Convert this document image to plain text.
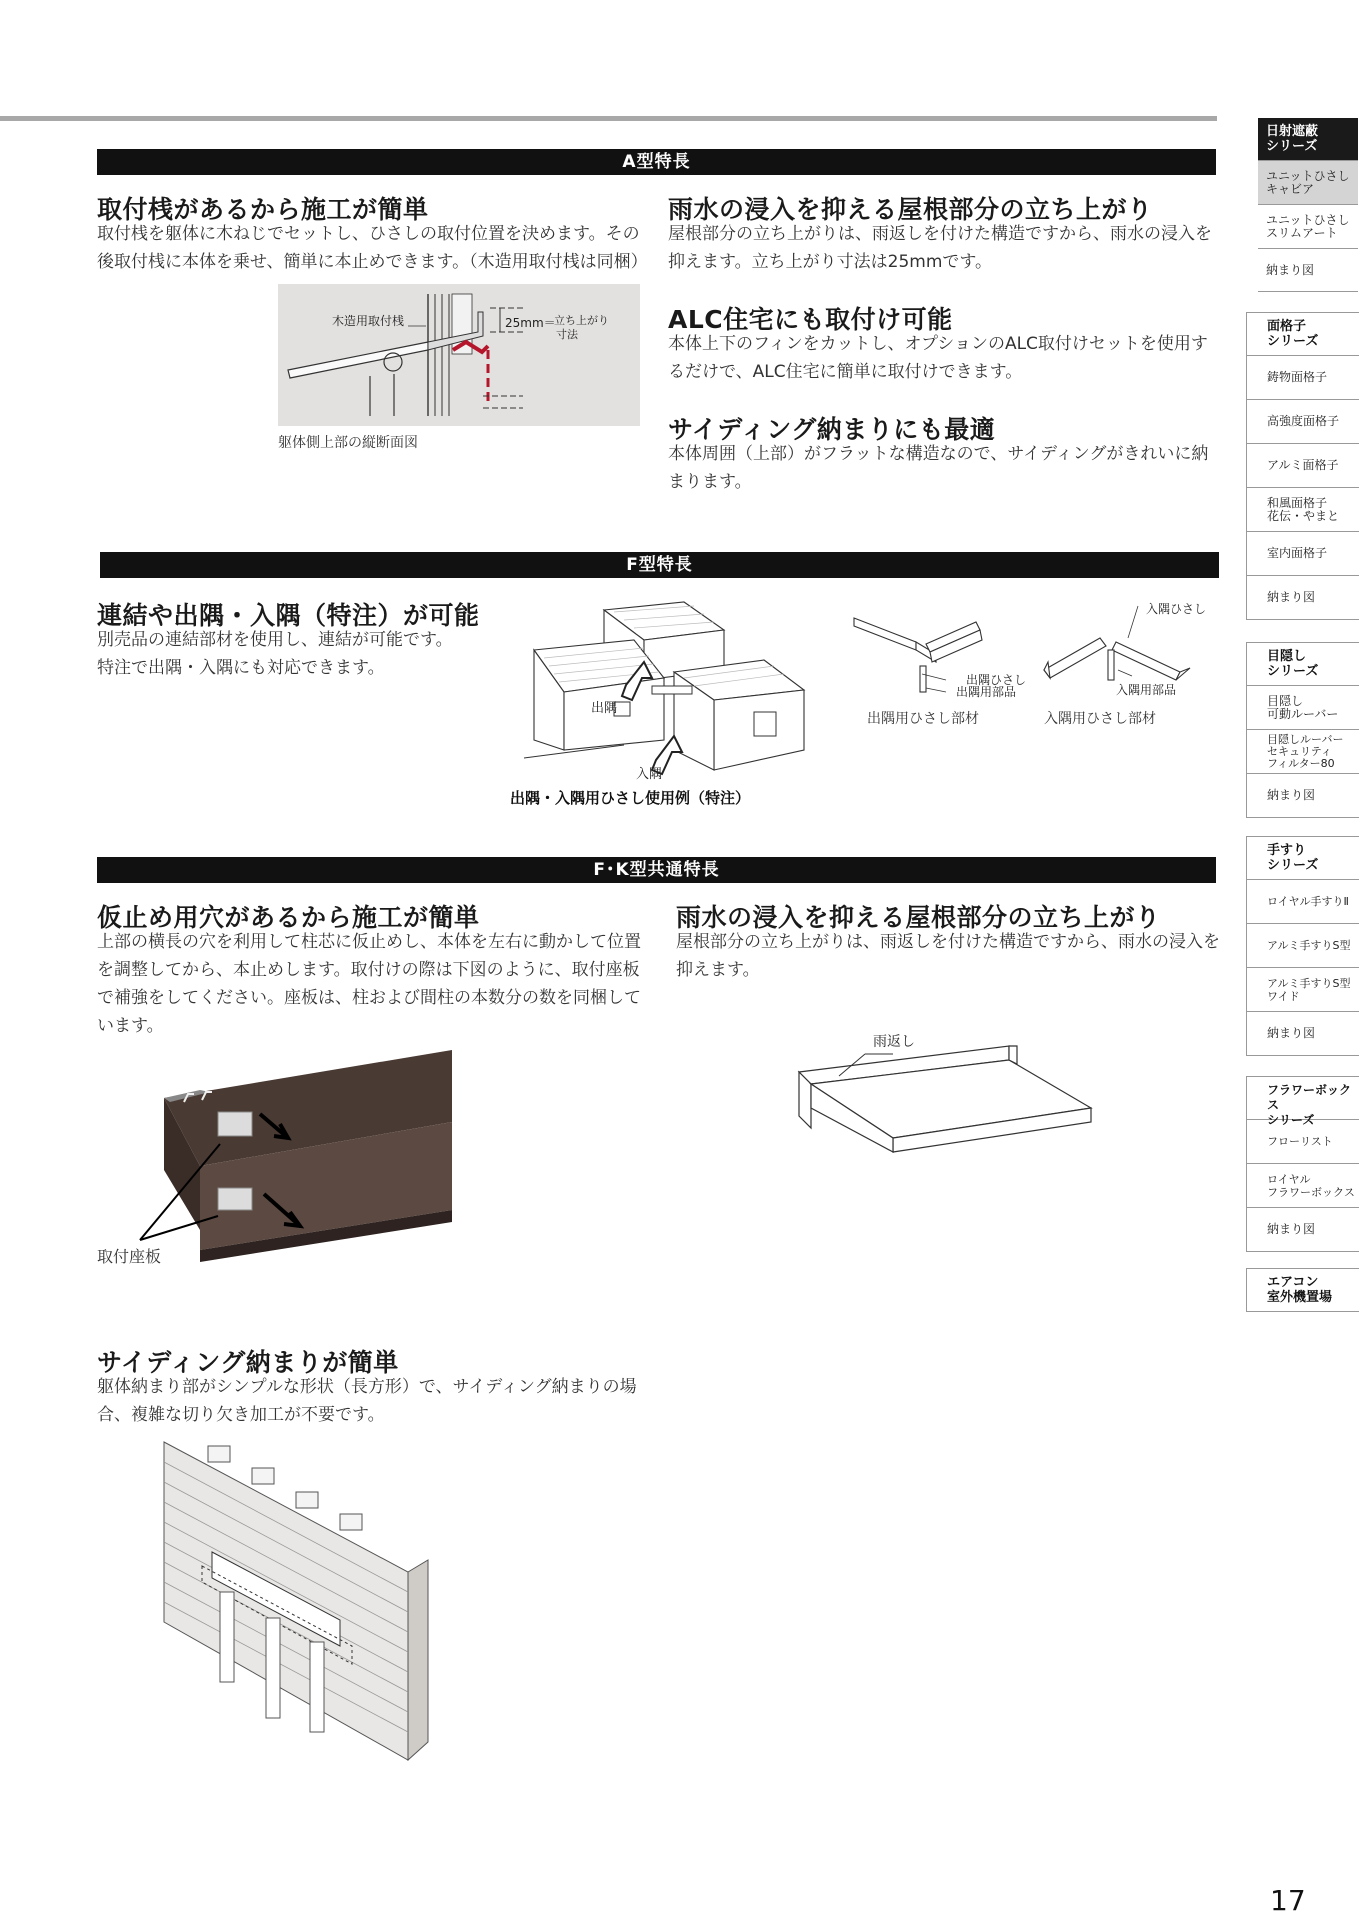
A型特長
取付桟があるから施工が簡単
取付桟を躯体に木ねじでセットし、ひさしの取付位置を決めます。その後取付桟に本体を乗せ、簡単に本止めできます。（木造用取付桟は同梱）
木造用取付桟	25mm＝
立ち上がり
寸法
躯体側上部の縦断面図
雨水の浸入を抑える屋根部分の立ち上がり
屋根部分の立ち上がりは、雨返しを付けた構造ですから、雨水の浸入を抑えます。立ち上がり寸法は25mmです。
ALC住宅にも取付け可能
本体上下のフィンをカットし、オプションのALC取付けセットを使用するだけで、ALC住宅に簡単に取付けできます。
サイディング納まりにも最適
本体周囲（上部）がフラットな構造なので、サイディングがきれいに納まります。
F型特長
連結や出隅・入隅（特注）が可能
別売品の連結部材を使用し、連結が可能です。
特注で出隅・入隅にも対応できます。
出隅
入隅
出隅・入隅用ひさし使用例（特注）
出隅ひさし
出隅用部品
出隅用ひさし部材
入隅ひさし
入隅用部品
入隅用ひさし部材
F･K型共通特長
仮止め用穴があるから施工が簡単
上部の横長の穴を利用して柱芯に仮止めし、本体を左右に動かして位置を調整してから、本止めします。取付けの際は下図のように、取付座板で補強をしてください。座板は、柱および間柱の本数分の数を同梱しています。
取付座板
雨水の浸入を抑える屋根部分の立ち上がり
屋根部分の立ち上がりは、雨返しを付けた構造ですから、雨水の浸入を抑えます。
雨返し
サイディング納まりが簡単
躯体納まり部がシンプルな形状（長方形）で、サイディング納まりの場合、複雑な切り欠き加工が不要です。
日射遮蔽
シリーズ
ユニットひさし
キャビア
ユニットひさし
スリムアート
納まり図
面格子
シリーズ
鋳物面格子
高強度面格子
アルミ面格子
和風面格子
花伝・やまと
室内面格子
納まり図
目隠し
シリーズ
目隠し
可動ルーバー
目隠しルーバー
セキュリティ
フィルター80
納まり図
手すり
シリーズ
ロイヤル手すりⅡ
アルミ手すりS型
アルミ手すりS型
ワイド
納まり図
フラワーボックス
シリーズ
フローリスト
ロイヤル
フラワーボックス
納まり図
エアコン
室外機置場
17
